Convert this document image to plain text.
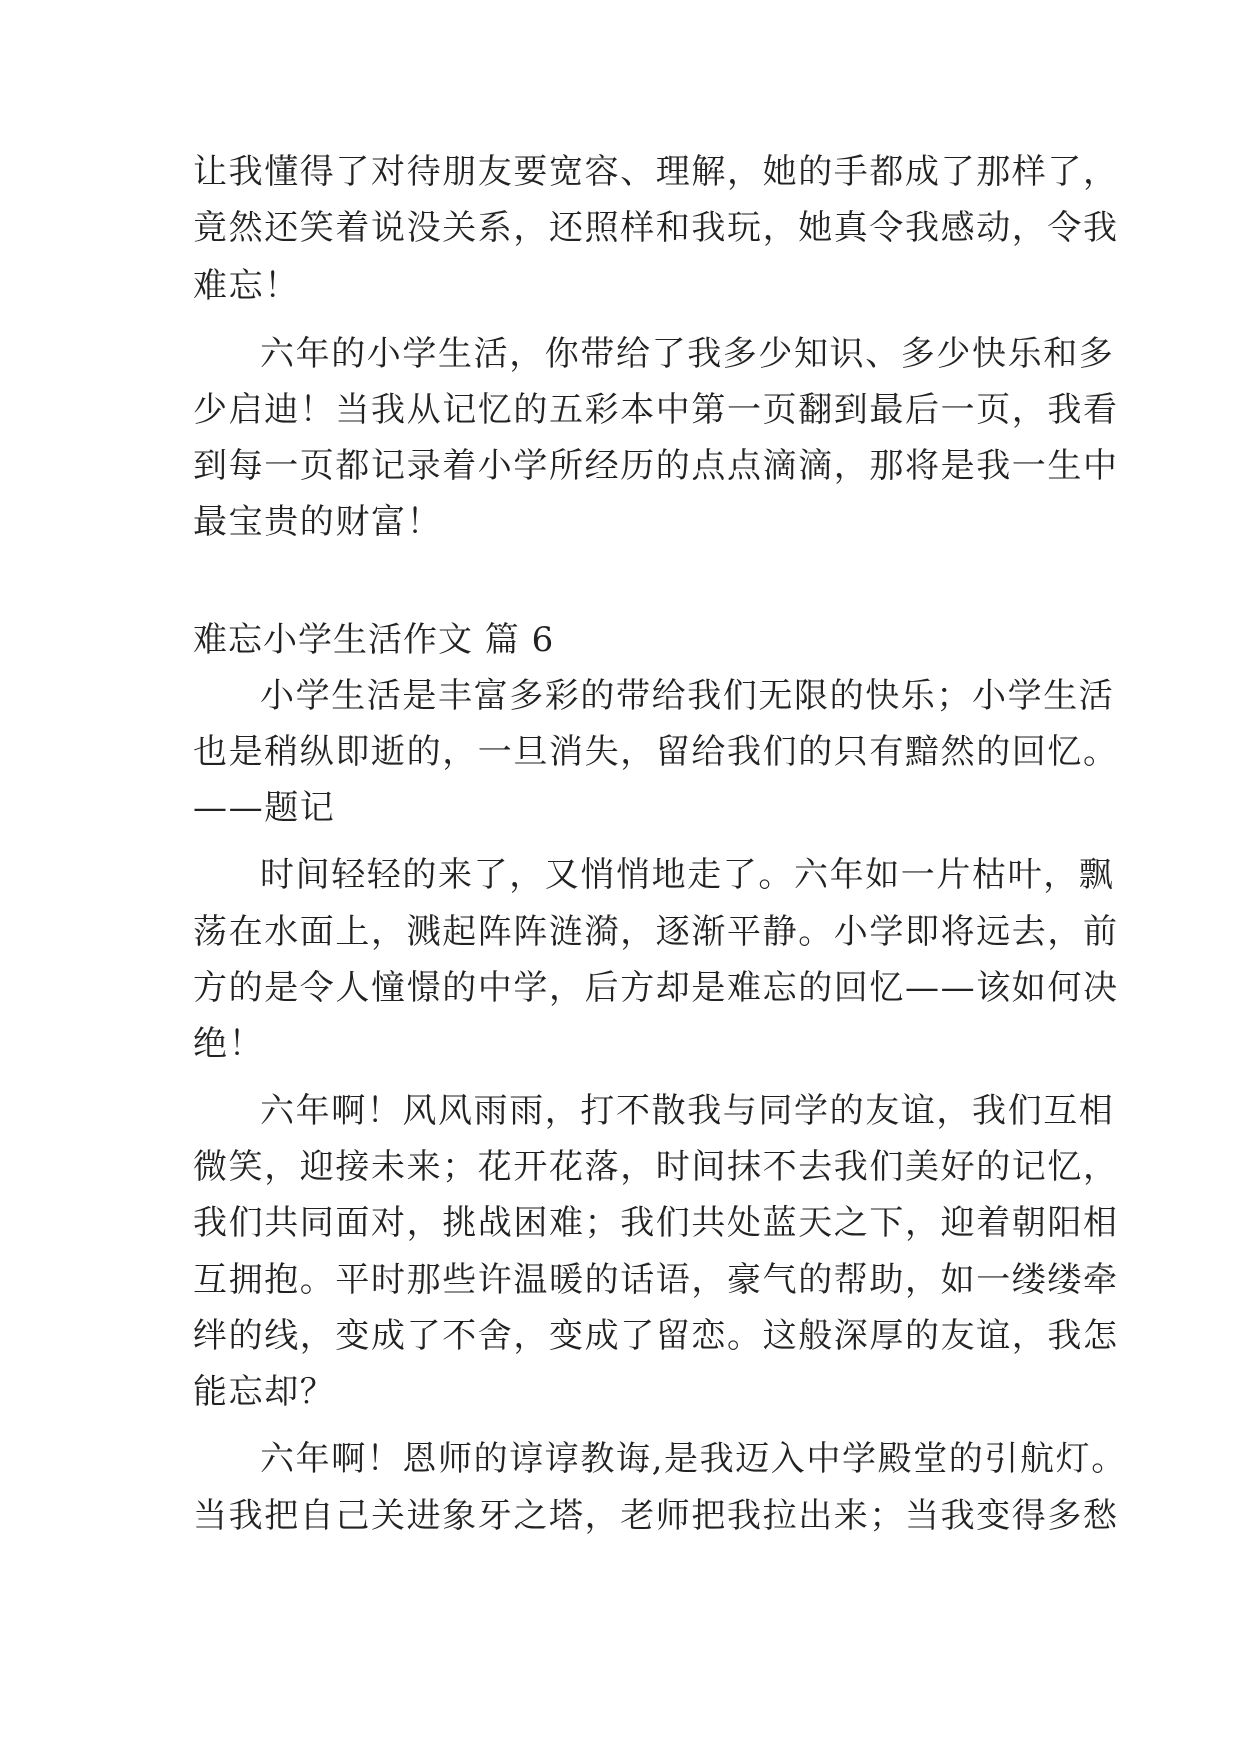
让我懂得了对待朋友要宽容、理解，她的手都成了那样了，
竟然还笑着说没关系，还照样和我玩，她真令我感动，令我
难忘！
六年的小学生活，你带给了我多少知识、多少快乐和多
少启迪！当我从记忆的五彩本中第一页翻到最后一页，我看
到每一页都记录着小学所经历的点点滴滴，那将是我一生中
最宝贵的财富！
难忘小学生活作文 篇 6
小学生活是丰富多彩的带给我们无限的快乐；小学生活
也是稍纵即逝的，一旦消失，留给我们的只有黯然的回忆。
——题记
时间轻轻的来了，又悄悄地走了。六年如一片枯叶，飘
荡在水面上，溅起阵阵涟漪，逐渐平静。小学即将远去，前
方的是令人憧憬的中学，后方却是难忘的回忆——该如何决
绝！
六年啊！风风雨雨，打不散我与同学的友谊，我们互相
微笑，迎接未来；花开花落，时间抹不去我们美好的记忆，
我们共同面对，挑战困难；我们共处蓝天之下，迎着朝阳相
互拥抱。平时那些许温暖的话语，豪气的帮助，如一缕缕牵
绊的线，变成了不舍，变成了留恋。这般深厚的友谊，我怎
能忘却？
六年啊！恩师的谆谆教诲,是我迈入中学殿堂的引航灯。
当我把自己关进象牙之塔，老师把我拉出来；当我变得多愁
